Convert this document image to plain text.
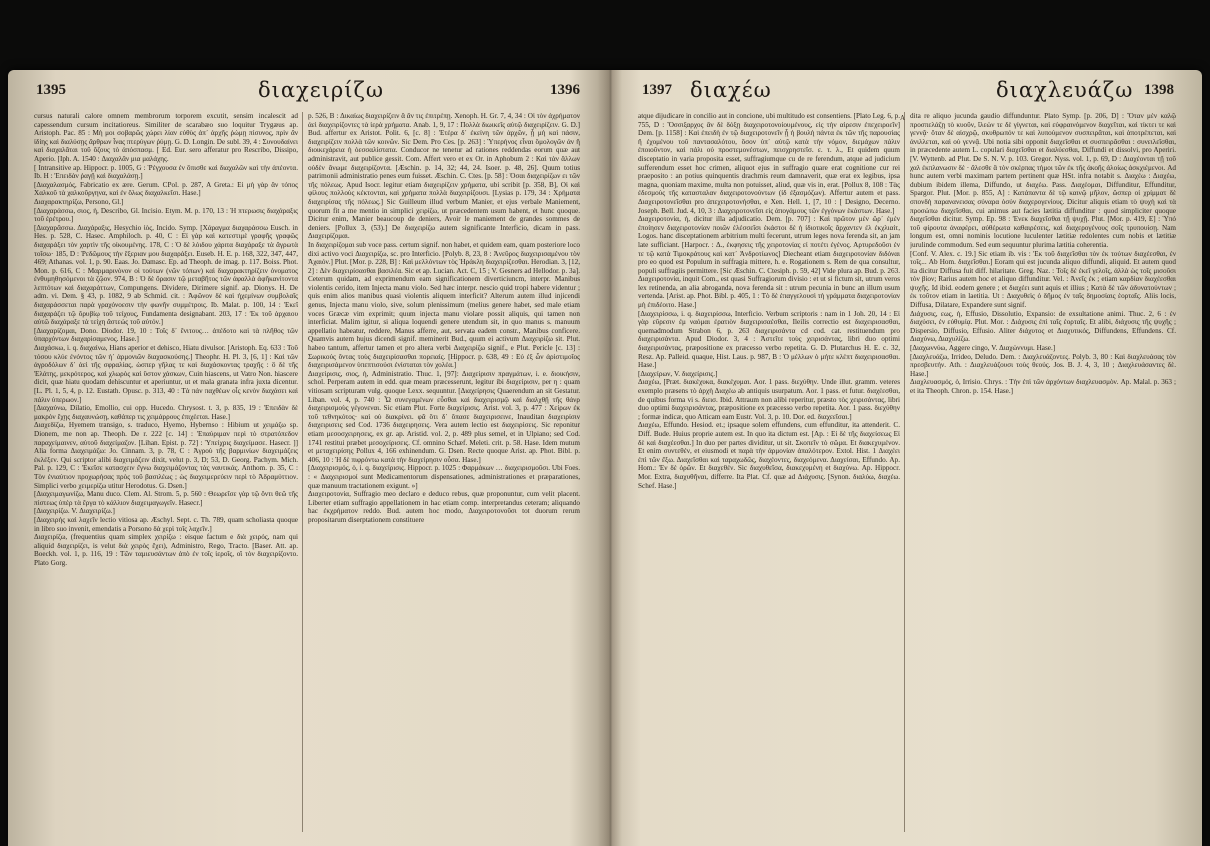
1395	διαχειρίζω	1396

cursus naturali calore omnem membrorum torporem excutit, sensim incalescit ad capessendum cursum incitatioreus. Similiter de scarabæo suo loquitur Trygæus ap. Aristoph. Pac. 85 : Μὴ μοι σοβαρῶς χώρει λίαν εὐθὺς ἀπ᾽ ἀρχῆς ῥώμῃ πίσυνος, πρὶν ἂν ἰδίης καὶ διαλύσῃς ἄρθρων ἶνας πτερύγων ῥύμῃ. G. D. Longin. De subl. 39, 4 : Συνουδαίνει καὶ διαχαλᾶται τοῦ ὄζους τὸ ἀπόσπασμ. [ Ed. Eur. sero afferatur pro Rescribo, Dissipo, Aperio. [Iph. A. 1540 : Διαχαλᾶν μια μαλάχης.

[ Intransitive ap. Hippocr. p. 1005, G : Ῥέγχουσα ἐν ὅπισθε καὶ διαχαλῶν καὶ τὴν ἀπέοντα. Ib. H : Ἐπειδὰν ῥαγῇ καὶ διαχαλάσῃ.]

[Διαχαλασμός, Fabricatio ex ære. Gerum. CPol. p. 287, A Greta.: Εἰ μὴ γὰρ ἂν τόπος Χαλκοῦ τὰ χαλκοῦργηνα, καὶ ἐν ὅλως διαχαλκεῖσι. Hase.]

Διαχαρακτηρίζω, Persono, Gl.]

[Διαχαράσσω, σιος, ἡ, Describo, Gl. Incisio. Etym. M. p. 170, 13 : Ἡ πτερωσις διαχάραξις τοῦ ἐρέτρου.]

[Διαχαρᾶσσω. Διαχάραξις, Hesychio ἰὸς, Incido. Symp. [Χάραγμα διαχαράσσω Eusch. in Hes. p. 528, C. Hasec. Amphiloch. p. 40, C : Εἰ γὰρ καὶ κατεστιμὲ γραφῆς γραφῶς διαχαράξει τὸν χαρτὶν τῆς οἰκουμένης. 178, C : Ὁ δὲ λόιδου χάριτα διαχάραξε τὰ ἄγρωτὰ τοῖσω· 185, D : Ῥεδῶμους τὴν ἕξεριαν μου διαχαράξει. Euseb. H. E. p. 168, 322, 347, 447, 469; Athanas. vol. 1, p. 90. Eaas. Jo. Damasc. Ep. ad Theoph. de imag. p. 117. Boiss. Phot. Mon. p. 616, C : Μαρμαρινὸνον οἱ τούτων (νῶν τόπων) καὶ διαχαρακτηρίζειν ὀνοματος ἐνθυμηθησόμενοι τὰ ζῷον. 974, B : Ὁ δὲ ὄρασιν τῷ μεταβῆτος τῶν ἀφαλλὰ ἀφῆκανίτοντα λεπτότων καὶ διαχαράττων, Compungens. Dividere, Dirimere signif. ap. Dionys. H. De adm. vi. Dem. § 43, p. 1082, 9 ab Schmid. cit. : Ἀφῶνον δὲ καὶ ἠχεμίνων συμβολαῖς διαχαράσσεται παρὰ γραχόνοεσιν τὴν φωνῆν συμμέτροις. Ib. Malat. p. 100, 14 : Ἐκεῖ διαχαράζει τῷ ὄρυβίῳ τοῦ τείχους, Fundamenta designabant. 203, 17 : Ἐκ τοῦ ἀρχαιου αὐτῶ διαχάραξε τὰ τείχη ἄστεώς τοῦ αὐτόν.]

[Διαχαρίζομαι, Dono. Diodor. 19, 10 : Τοῖς δ᾽ ἔνιτους… ἀπέδοτο καὶ τὰ πλῆθος τῶν ὑπαρχόντων διαχαρίσαμενος. Hase.]

Διαχάσκω, i. q. διαχαίνω, Hians aperior et dehisco, Hiatu divulsor. [Aristoph. Eq. 633 : Τοῦ τόσου κλύε ἐνόντος τῶν ἡ᾽ ἁρμονιῶν διαχασκούσης.] Theophr. H. Pl. 3, [6, 1] : Καὶ τῶν ἀγροδόλων δ᾽ ἀεὶ τῆς σφραλίας, ὡσπερ γῆλας τε καὶ διαχάσκοντας τραχῆς : ὃ δὲ τῆς Ἐλάτης, μεκρότερος, καὶ χλωρὸς καὶ ὕστον χάσκων, Cuin hiascens, ut Vatro Non. hiascere dicit, quæ hiatu quodam dehiscuntur et aperiuntur, ut et mala granata infra juxta dicentur. [L. Pl. 1, 5, 4, p. 12. Eustath. Opusc. p. 313, 40 : Τὰ πάν παχθέων οἷς κενὸν διαχάσει καὶ πάλιν ὑπερωον.]

[Διαχαύνω, Dilatio, Emollio, cui opp. Hucedo. Chrysost. t. 3, p. 835, 19 : Ἐπειδὰν δὲ μακρὸν ἔχῃς διαχαυνώσῃ, καθάπερ τις χειμάρρους ἐπιχέεται. Hase.]

Διαχεδίζω, Hyemem transigo, s. traduco, Hyemo, Hybernso : Hibium ut χειμάζω sp. Dionem, me non ap. Theoph. De r. 222 [c. 14] : Ἐπαύριμαν περὶ τὸ στρατόπεδον παραχείμαινεν, αὐτοῦ διαχείμαζον. [Lihan. Epist. p. 72] : Ὑπείχρις διαχείμασε. Hasecr. ]] Alia forma Διαχειμάζω: Jo. Cinnam. 3, p. 78, C : Ἀγροὺ τῆς βαρμινίων διαχειμάζεις ἐκλέξεν. Qui scriptor alibi διαχειμάζειν dixit, velut p. 3, D; 53, D. Georg. Pachym. Mich. Pal. p. 129, C : Ἐκεῖσε κατασχειν ἔγνω διαχειμάζοντας τὰς ναυτικάς. Anthom. p. 35, C : Τὸν ἐνιαύτιον προχωρήσας πρὸς τοῦ βασιλέως ; ὡς διαχειμερεύειν περὶ τὸ Ἀδραμύττιον. Simplici verbo χειμερίζω utitur Herodotus. G. Dsen.]

[Διαχειμαγωνίζω, Manu duco. Clem. Al. Strom. 5, p. 560 : Θεωρεῖσε γὰρ τῷ ὄντι θεῶ τῆς πίστεως ὑπὲρ τὰ ἔργα τὸ κάλλιον διαχειμαγωγεῖν. Hasecr.]

[Διαχειρίζω. V. Διαχειρίζω.]

[Διαχειρής καὶ λαχεῖν lectio vitiosa ap. Æschyl. Sept. c. Th. 789, quam scholiasta quoque in libro suo invenit, emendatis a Porsono δὰ χερὶ τοῖς λαχεῖν.]

Διαχειρίζω, (frequentius quam simplex χειρίζω : eisque factum e διὰ χειρός, nam qui aliquid διαχειρίζει, is velut διὰ χειρὸς ἔχει), Administro, Rego, Tracto. [Baser. Att. ap. Boeckh. vol. 1, p. 116, 19 : Τῶν ταμιευσάντων ἀπὸ ἐν τοῖς ἱεροῖς, οἳ τὸν διαχειρίζοντο. Plato Gorg.

p. 526, B : Δικαίως διαχειρίζειν ἃ ἂν τις ἐπιτρέπῃ. Xenoph. H. Gr. 7, 4, 34 : Οἱ τὸν ἀχρήματον ἀεὶ διαχειρίζοντες τὰ ἱερὰ χρήματα. Anab. 1, 9, 17 : Πολλὰ διωικεῖς αὐτῷ διαχειρίζειν. G. D.] Bud. affertur ex Aristot. Polit. 6, [c. 8] : Ἑτέρα δ᾽ ἐκείνη τῶν ἀρχῶν, ᾗ μὴ καὶ πάσιν, διαχειρίζειν πολλὰ τῶν κοινῶν. Sic Dem. Pro Ces. [p. 263] : Ὑπερήνος εἶναι ὅμολογῶν ἀν ἢ διοικεχάρεια ἡ ὀεσσαλίστατα. Conducor ne tenetur ad rationes reddendas eorum quæ aut administravit, aut publice gessit. Com. Affert vero et ex Or. in Aphobum 2 : Καὶ τὰν ἄλλων οὐδὲν ἄνωμε διαχειρίζοντα. [Æschin. p. 14, 32; 44, 24. Isoer. p. 48, 26]. Quum totius patrimonii administratio penes eum fuisset. Æschin. C. Ctes. [p. 58] : Ὁσαι διαχειρίζων ει τῶν τῆς πόλεως. Apud Isocr. legitur etiam διαχειρίζειν χρήματα, ubi scribit [p. 358, B], Οἱ καὶ φίλους πολλοὺς κέκτονται, καὶ χρήματα πολλὰ διαχειρίζουσι. [Lysias p. 179, 34 : Χρήματα διαχειρίσας τῆς πόλεως.] Sic Guilleum illud verbum Manier, et ejus verbale Maniement, quorum fit a me mentio in simplici χειρίζω, ut præcedentem usum habent, et hunc quoque. Dicitur enim, Manier beaucoup de deniers, Avoir le maniement de grandes sommes de deniers. [Pollux 3, (53).] De διαχειρίζω autem significante Interficio, dicam in pass. Διαχειρίζομαι.

In διαχειρίζομαι sub voce pass. certum signif. non habet, et quidem eam, quam posteriore loco dixi activo voci Διαχειρίζω, sc. pro Interficio. [Polyb. 8, 23, 8 : Ἀνεῦρος διαχειρισαμένου τὸν Ἀχαιόν.] Plut. [Mor. p. 228, B] : Καὶ μελλόντων τὸς Ἡράκλη διαχειρίζεσθαι. Herodian. 3, [12, 2] : Δὲν διαχειρίσασθαι βασιλέα. Sic et ap. Lucian. Act. C, 15 ; V. Gesners ad Hellodor. p. 3a]. Ceterum quidam, ad exprimendum eam significationem diverticiuncm, interpr. Manibus violentis cerido, item Injecta manu violo. Sed hæc interpr. nescio quid tropi habere videntur ; quis enim alios manibus quasi violentis aliquem interficit? Alterum autem illud injicendi genus, Injecta manu violo, sive, solum plenissimum (melius genere habet, sed male etiam voces Græcæ vim exprimit; quum injecta manu violare possit aliquis, qui tamen non interficiat. Malim igitur, si aliqua loquendi genere utendum sit, in quo manus s. manuum appellatio habeatur, reddere, Manus afferre, aut, servata eadem constr., Manibus conficere. Quamvis autem hujus dicendi signif. meminerit Bud., quum ei activum Διαχειρίζω sit. Plut. habeo tantum, affertur tamen et pro altera verbi Διαχειρίζω signif., e Plut. Pericle [c. 13] : Σωρικούς ὄντας τοὺς διαχειρίσασθαι πορειαίς. [Hippocr. p. 638, 49 : Εὐ ἐξ ὧν ἀρίστιμοῖος διαχειρισάμενον ὑπεπτισούσι ἐνίσταται τὸν χολέα.]

Διαχείρισις, σιος, ἡ, Administratio. Thuc. 1, [97]: Διαχείρισιν πραγμάτων, i. e. διοικήσιν, schol. Perperam autem in edd. quæ meam præcesserunt, legitur ibi διαχείρισιν, per η : quam vitiosam scripturam vulg. quoque Lexx. sequuntur. [Διαχείρησις Quaerendum an sit Gestatur. Liban. vol. 4, p. 740 : Ὦ συνεγαμένων εὖσθαι καὶ διαχειρισμῷ καὶ διαλχθῇ τῆς θάνρ διαχειρισμοὺς γέγονεναι. Sic etiam Plut. Forte διαχείρισις. Arist. vol. 3, p. 477 : Χείρων ἐκ τοῦ τεθνηκότος· καὶ οὐ διακρίνει. φᾶ ὅτι δ᾽ ὄπασε διαχειρισεινε, Inauditan διαχειρίσιν διαχειρισεις sed Cod. 1736 διαχειρησεις. Vera autem lectio est διαχειρίσεις. Sic reponitur etiam μεσοσχειρησεις, ex gr. ap. Aristid. vol. 2, p. 489 plus semel, et in Ulpiano; sed Cod. 1741 restitui præbet μεσοχείρισεις. Cf. omnino Schæf. Meleti. crit. p. 58. Hase. Idem mutum et μεταχειρίσης Pollux 4, 166 exhinendum. G. Dsen. Recte quoque Arist. ap. Phot. Bibl. p. 406, 10 : Ἡ δὲ πιφρόντω κατὰ τὴν διαχείρησιν οὖσα. Hase.]

[Διαχειρισμός, ὁ, i. q. διαχείρισις. Hippocr. p. 1025 : Φαρμάκων … διαχειρισμοῦσι. Ubi Foes. : « Διαχειρισμοί sunt Medicamentorum dispensationes, administrationes et præparationes, quæ manuum tractationem exigunt. »]

Διαχειροτονία, Suffragio meo declaro e deduco rebus, quæ proponuntur, cum velit placent. Liberter etiam suffragio appellationem in hac etiam comp. interpretandus ceteram; aliquando hac ἐκχρήματον reddo. Bud. autem hoc modo, Διαχειροτονοῦσι tot duorum rerum propositarum diserptationem constituere

1397 διαχέω	διαχλευάζω 1398

atque dijudicare in concilio aut in concione, ubi multitudo est consentiens. [Plato Leg. 6, p. 755, D : Ὅσσιξαρχος ἂν δὲ δόξῃ διαχειροτονοίουμένους, εἰς τὴν αἱρεσιν ἐπεχειροεῖν] Dem. [p. 1158] : Καὶ ἐπειδὴ ἐν τῷ διαχειροτονεῖν ᾖ ἡ βουλὴ πάντα ἐκ τῶν τῆς παρουσίας ἢ ἐχομένου τοῦ παντασαλότου, ὅσον ὑπ᾽ αὐτῷ κατὰ τὴν νόμον, διεμάχων πάλιν ἐποιοῦντον, καὶ πάλι οὐ προστεμονέστων, πεισχρηστεῖσ. ε. τ. λ., Et quidem quum disceptatio in varia proposita esset, suffragiumque cu de re ferendum, atque ad judicium sufferendum esset hoc crimen, aliquot ejus in suffragio quare erat cognitione cur rei praeposito : an potius quinquentis drachmis reum damnaverit, quæ erat ex legibus, ipsa magna, quoniam maxime, multa non potuisset, aliud, quæ vis in, erat. [Pollux 8, 108 : Τὰς ἐδεσμοὺς τῆς κατασταλαν διαχειροτονούντων (ἰδ ἐξασμόζων). Affertur autem et pass. Διαχειροτονεῖσθαι pro ἀπεχειροτονήσθαι, e Xen. Hell. 1, [7, 10 : [ Designo, Decerno. Joseph. Bell. Jud. 4, 10, 3 : Διαχειροτονεῖσι εἰς ἀπογάμους τῶν ἐγγόνων ἑκάστων. Hase.]

Διαχειροτονία, ἡ, dicitur illa adjudicatio. Dem. [p. 707] : Καὶ πρῶτον μὲν ὥρ᾽ ἐμὲν ἐποίησεν διαχειροτονίαν ποιῶν ἐλέσσεῖσι ἑκάστοι δὲ ἡ ἰδιοτικοῖς ἄρχαντεν ἐλ ἐκχλιαίτ, Logos. hanc disceptationem arbitrium multi fecerunt, utrum leges nova ferenda sit, an jam late sufficiant. [Harpocr. : Δ., ἐκφησεις τῆς χειροτονίας εἰ ποτέτι ἐγένος. Αρτυρεδοῦσι ἐν τε τῷ κατὰ Τιμοκράτους καὶ κατ᾽ Ἀνδροτίωνος] Diecheant etiam διαχειροτονίαν διδόναι pro eo quod est Populum in suffragia mittere, h. e. Rogationem s. Rem de qua consultur, populi suffragiis permittere. [Sic Æschin. C. Ctesiph. p. 59, 42] Vide plura ap. Bud. p. 263. Διαχειροτονία, inquit Com., est quasi Suffragiorum divisio : et ut si fictum sit, utrum veros lex retinenda, an alia abroganda, nova ferenda sit : utrum pecunia in bunc an illum usum vertenda. [Arist. ap. Phot. Bibl. p. 405, 1 : Τὸ δὲ ἐπαγγελουσὶ τὴ γράμματα διαχειροτονίαν μὴ ἐπιδέοιτο. Hase.]

[Διαχειρίσσω, i. q. διαχειρίσσω, Interficio. Verbum scriptoris : nam in 1 Joh. 20, 14 : Εἰ γὰρ εὔρεσιν ἐμ ναόμαι ἐρατιὸν διαχειρισαέσθαι, Ileilis correctio est διαχειρισασθαι, quemadmodum Strabon 6, p. 263 διαχειρισάντα cd cod. cat. restituendum pro διαχειρισάντα. Apud Diodor. 3, 4 : Ἀστεῖτε τοὺς χειρισάντας, libri duo optimi διαχειρισάντας, præpositione ex præcesso verbo repetita. G. D. Plutarchus H. E. c. 32, Resz. Ap. Palleid. quaque, Hist. Laus. p. 987, B : Ὁ μέλλων ὁ μήτε κλέπτ διαχειρισασθαι. Hase.]

[Διαχείρων, V. διαχείρισις.]

Διαχέω, [Præt. διακέχυκα, διακέχυμαι. Aor. 1 pass. διεχύθην. Unde illut. gramm. veteres exemplo præsens τὸ ἀρχὴ Διαχέω ab antiquis usurpatum. Aor. 1 pass. et futur. διαχέεσθαι, de quibus forma vi s. διεισ. Ibid. Attraum non alibi reperitur, præsto τὸς χειρισάντας, libri duo optimi διαχειρισάντας, præpositione ex præcesso verbo repetita. Aor. 1 pass. διεχύθην ; formæ indicæ, quo Atticam eam Eustr. Vol. 3, p. 10. Dor. ed. διαχεεῖσαι.]

Διαχέω, Effundo. Hesiod. et.; ipsaque solem effundens, cum effunditur, ita attenderit. C. Diff. Bude. Huius proprie autem est. In quo ita dictum est. [Ap. : Εἰ δὲ τῆς διαχείσεως Εἰ δὲ καὶ διαχέεσθαι.] In duo per partes dividitur, ut sit. Σκοπεῖν τὸ σῶμα. Et διακεχυμένον. Et enim συντεθέν, et eiusmodi et παρὰ τὴν ἀρμονίαν ἁπαλότερον. Extol. Hist. 1 Διαχέει ἐπὶ τῶν ἔξω. Διαχεῖσθαι καὶ ταραχωδῶς, διαχέοντες, διαχεόμενα. Διαχείσαι, Effundo. Ap. Hom.: Ἐν δὲ ὁρῶν. Et διαχεθέν. Sic διαχυθεῖσα, διακεχυμένη et διαχύνω. Ap. Hippocr. Mor. Extra, διαχυθῆναι, differre. Ita Plat. Cf. quæ ad Διάχυσις. [Synon. διαλύω, διαχέω. Schef. Hase.]

A dita re aliquo jucunda gaudio diffunduntur. Plato Symp. [p. 206, D] : Ὅταν μὲν καλῷ προσπελάζῃ τὸ κυοῦν, ἵλεών τε δὲ γίγνεται, καὶ εὐφραινόμενον διαχεῖται, καὶ τίκτει τε καὶ γεννᾷ· ὅταν δὲ αἰσχρῷ, σκυθρωπόν τε καὶ λυπούμενον συσπειρᾶται, καὶ ἀποτρέπεται, καὶ ἀνιλλεται, καὶ οὐ γεννᾷ. Ubi notia sibi opponit διαχεῖσθαι et συσπειρᾶσθαι : συνειλεῖσθαι, in præcedente autem L. copulari διαχεῖσθαι et διαλύεσθαι, Diffundi et dissolvi, pro Aperiri. [V. Wyttenb. ad Plut. De S. N. V. p. 103. Gregor. Nyss. vol. 1, p. 69, D : Διαχέονται τῇ τοῦ χαλ ἐκπλανωσιν δὲ · ἄλεσθε ἃ τὸν σκέρπας τήμοι τῶν ἐκ τῆς ἀκοῆς ἀλοίως ἀσκχιέμενοι. Ad hunc autem verbi maximam partem pertinent quæ HSt. infra notabit s. Διαχέω : Διαχέω, dubium ibidem illema, Diffundo, ut διαχέω. Pass. Διαχέομαι, Diffunditur, Effunditur, Spargor. Plut. [Mor. p. 855, A] : Κατάπαντα δὲ τῷ καινῷ μῆλον, ὥσπερ οἱ χρίμματ δὲ σπονδὴ παρανανεισας σύναρα ὁσύν διαχερογενίους. Dicitur aliquis etiam τὸ ψυχὴ καὶ τὰ προσώπω διαχεῖσθαι, cui animus aut facies lætitia diffunditur : quod simpliciter quoque διαχεῖσθαι dicitur. Symp. Ep. 98 : Ἐνεκ διαχεῖσθαι τῇ ψυχῇ. Plut. [Mor. p. 419, E] : Ὑπό τοῦ φίρουτα ἀναφέρει, αὐθέρωτα καθαιρέσεις, καὶ διαχερογένους σοῖς τρυπουίσῃ. Nam longum est, omni nominis locutione luculenter lætitiæ redolentes cum nobis et lætitiæ jurulinde commodum. Sed eum sequuntur plurima lætitia coherentia.

[Conf. V. Alex. c. 19.] Sic etiam ib. vis : Ἐκ τοῦ διαχεῖσθαι τὸν ἐκ τούτων διαχέεσθαι, ἐν τοῖς... Ab Hom. διαχεῖσθαι.] Eoram qui est jucunda aliquo diffundi, aliquid. Et autem quod ita dicitur Diffusa fuit diff. hilaritate. Greg. Naz. : Τοῖς δὲ ἐκεῖ γελοῖς, ἀλλὰ ὡς τοῖς μισοῦσι τὸν βίον; Rarius autem hoc et aliquo diffunditur. Vel. : Ἀνεῖς ἐκ ; etiam καρδίαν διαχέεσθαι ψυχῆς. Id ibid. eodem genere ; et διαχέει sunt aquis et illius ; Κατὰ δὲ τῶν ἀδυνατούντων ; ἐκ τοῦτον etiam in laetitia. Ut : Διαχυθεὶς ὁ δῆμος ἐν ταῖς δημοσίαις ἑορταῖς. Aliis locis, Diffusa, Dilatare, Expandere sunt signif.

Διάχυσις, εως, ἡ, Effusio, Dissolutio, Expansio: de exsultatione animi. Thuc. 2, 6 : ἐν διαχύσει, ἐν εὐθυμίᾳ. Plut. Mor. : Διάχυσις ἐπὶ ταῖς ἑορταῖς. Et alibi, διάχυσις τῆς ψυχῆς ; Dispersio, Diffusio, Effusio. Aliter διάχυτος et Διαχυτικός, Diffundens, Effundens. Cf. Διαχύνω, Διαχυλίζω.

[Διαχωννύω, Aggere cingo, V. Διαχώννυμι. Hase.]

[Διαχλευάζω, Irrideo, Deludo. Dem. : Διαχλευάζοντες. Polyb. 3, 80 : Καὶ διαχλευάσας τὸν πρεσβευτήν. Ath. : Διαχλευάζουσι τοὺς θεούς. Jos. B. J. 4, 3, 10 ; Διαχλευάσαντες δὲ. Hase.]

Διαχλευασμός, ὁ, Irrisio. Chrys. : Τὴν ἐπὶ τῶν ἀρχόντων διαχλευασμὸν. Ap. Malal. p. 363 ; et ita Theoph. Chron. p. 154. Hase.]
